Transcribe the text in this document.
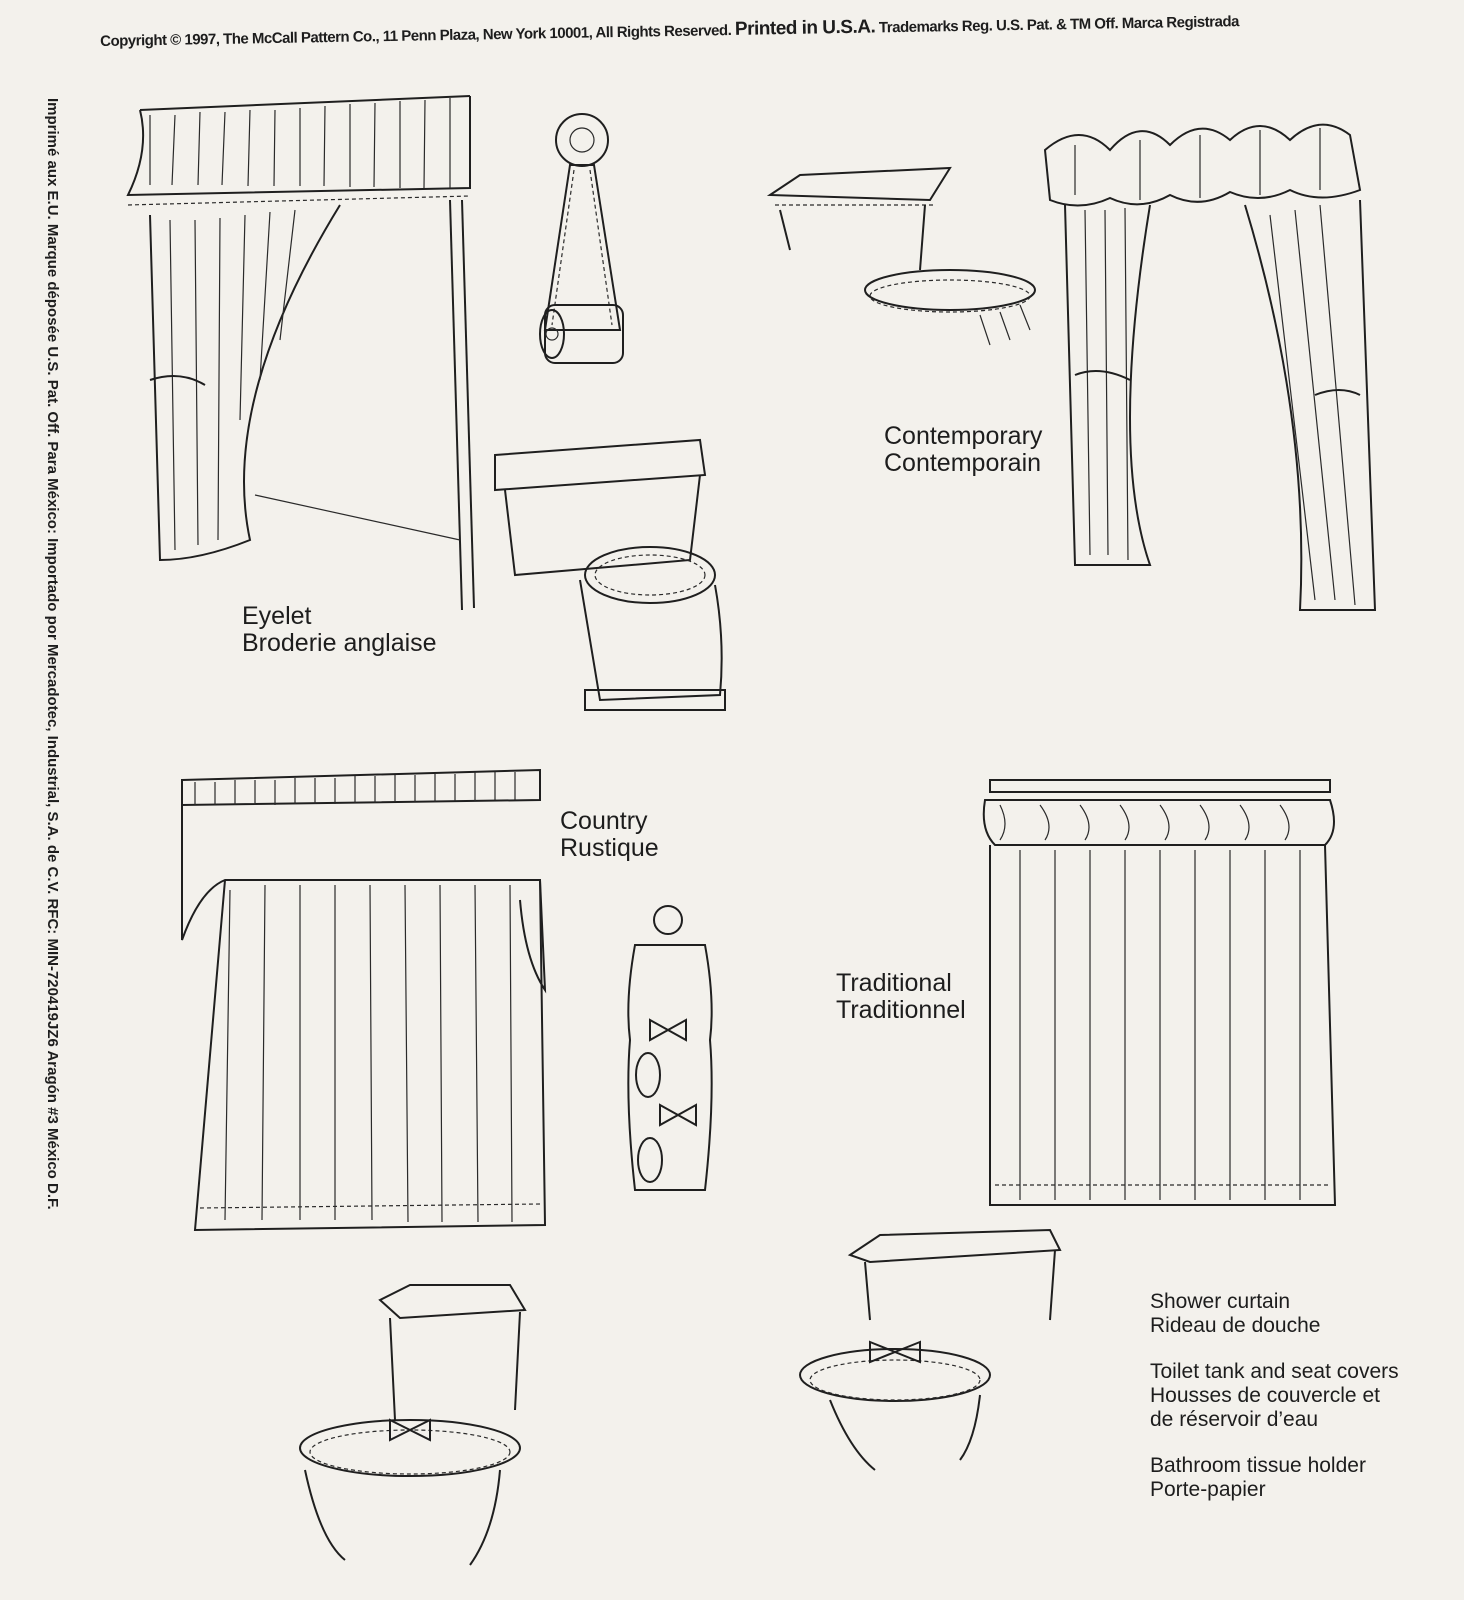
Copyright © 1997, The McCall Pattern Co., 11 Penn Plaza, New York 10001, All Rights Reserved. Printed in U.S.A. Trademarks Reg. U.S. Pat. & TM Off. Marca Registrada
Imprimé aux E.U. Marque déposée U.S. Pat. Off. Para México: Importado por Mercadotec, Industrial, S.A. de C.V. RFC: MIN-720419JZ6 Aragón #3 México D.F.	Eyelet
Broderie anglaise
Contemporary
Contemporain
Country
Rustique
Traditional
Traditionnel
Shower curtain
Rideau de douche
Toilet tank and seat covers
Housses de couvercle et
de réservoir d’eau
Bathroom tissue holder
Porte-papier
